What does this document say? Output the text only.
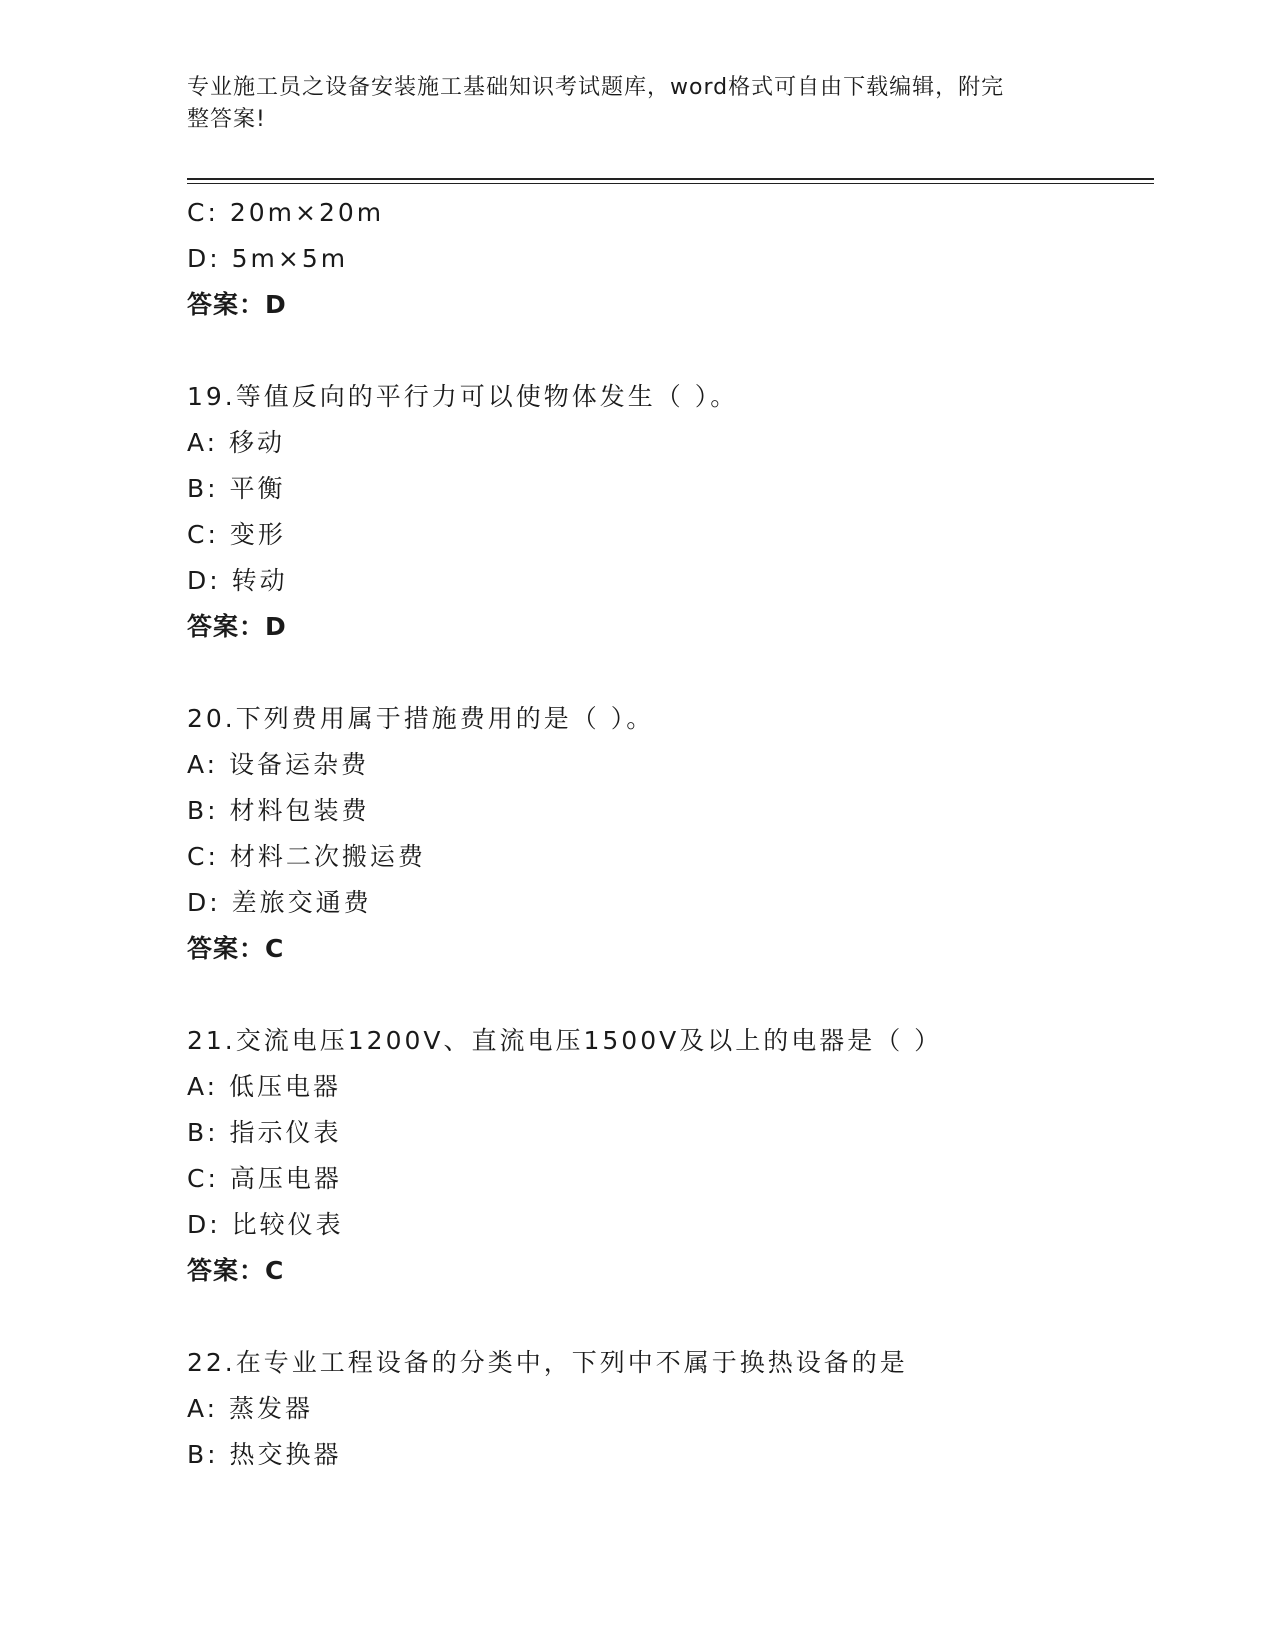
专业施工员之设备安装施工基础知识考试题库，word格式可自由下载编辑，附完
整答案!
C: 20m×20m
D: 5m×5m
答案：D
19.等值反向的平行力可以使物体发生（ ）。
A: 移动
B: 平衡
C: 变形
D: 转动
答案：D
20.下列费用属于措施费用的是（ ）。
A: 设备运杂费
B: 材料包装费
C: 材料二次搬运费
D: 差旅交通费
答案：C
21.交流电压1200V、直流电压1500V及以上的电器是（ ）
A: 低压电器
B: 指示仪表
C: 高压电器
D: 比较仪表
答案：C
22.在专业工程设备的分类中，下列中不属于换热设备的是
A: 蒸发器
B: 热交换器
